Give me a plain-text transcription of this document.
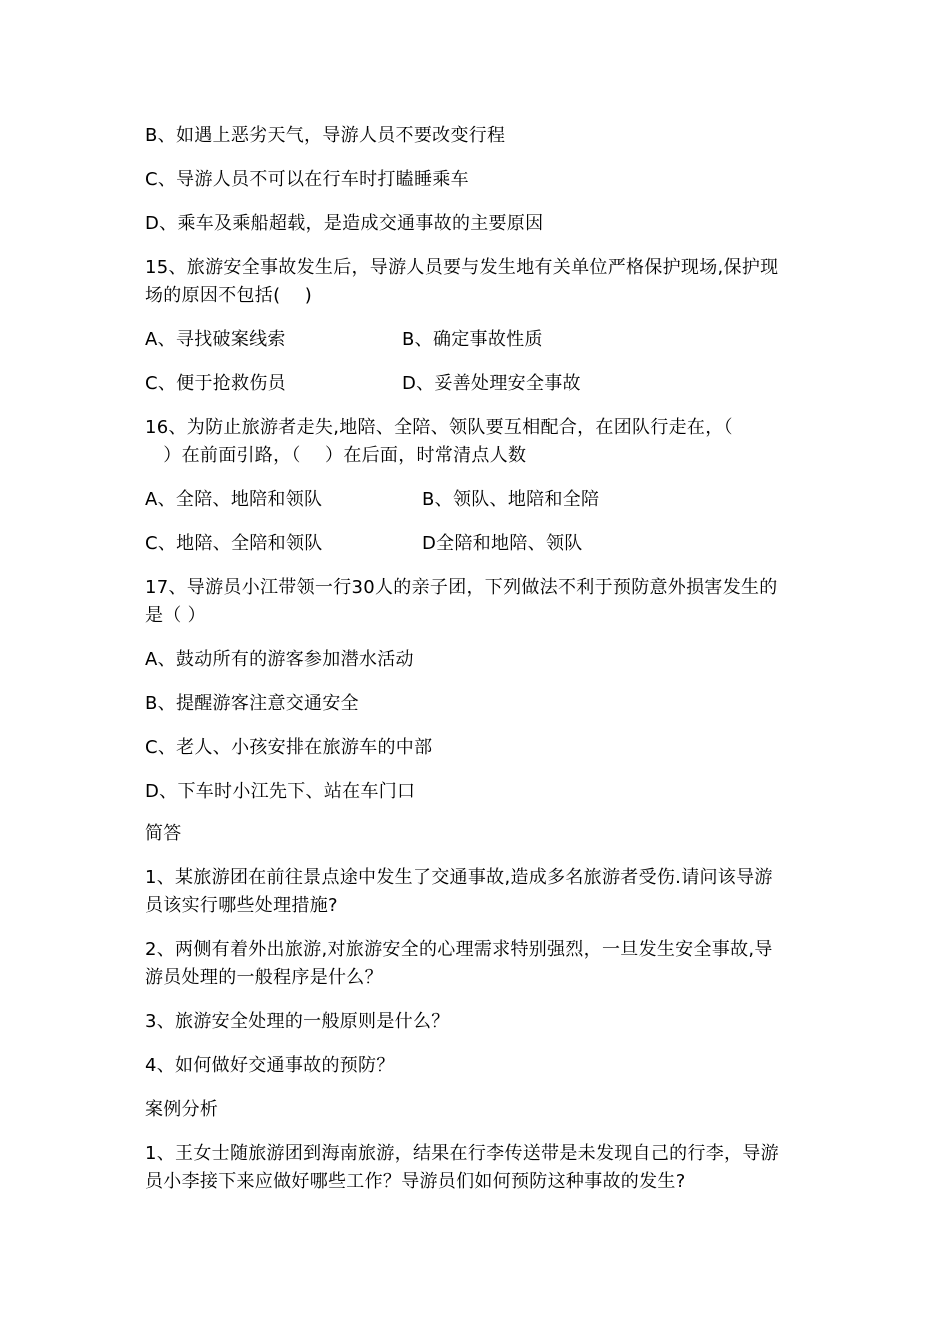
B、如遇上恶劣天气，导游人员不要改变行程
C、导游人员不可以在行车时打瞌睡乘车
D、乘车及乘船超载，是造成交通事故的主要原因
15、旅游安全事故发生后，导游人员要与发生地有关单位严格保护现场,保护现
场的原因不包括(　 )
A、寻找破案线索	B、确定事故性质
C、便于抢救伤员	D、妥善处理安全事故
16、为防止旅游者走失,地陪、全陪、领队要互相配合，在团队行走在，（
　）在前面引路，（　 ）在后面，时常清点人数
A、全陪、地陪和领队	B、领队、地陪和全陪
C、地陪、全陪和领队	D全陪和地陪、领队
17、导游员小江带领一行30人的亲子团，下列做法不利于预防意外损害发生的
是（ ）
A、鼓动所有的游客参加潜水活动
B、提醒游客注意交通安全
C、老人、小孩安排在旅游车的中部
D、下车时小江先下、站在车门口
简答
1、某旅游团在前往景点途中发生了交通事故,造成多名旅游者受伤.请问该导游
员该实行哪些处理措施?
2、两侧有着外出旅游,对旅游安全的心理需求特别强烈，一旦发生安全事故,导
游员处理的一般程序是什么？
3、旅游安全处理的一般原则是什么？
4、如何做好交通事故的预防？
案例分析
1、王女士随旅游团到海南旅游，结果在行李传送带是未发现自己的行李，导游
员小李接下来应做好哪些工作？导游员们如何预防这种事故的发生?
